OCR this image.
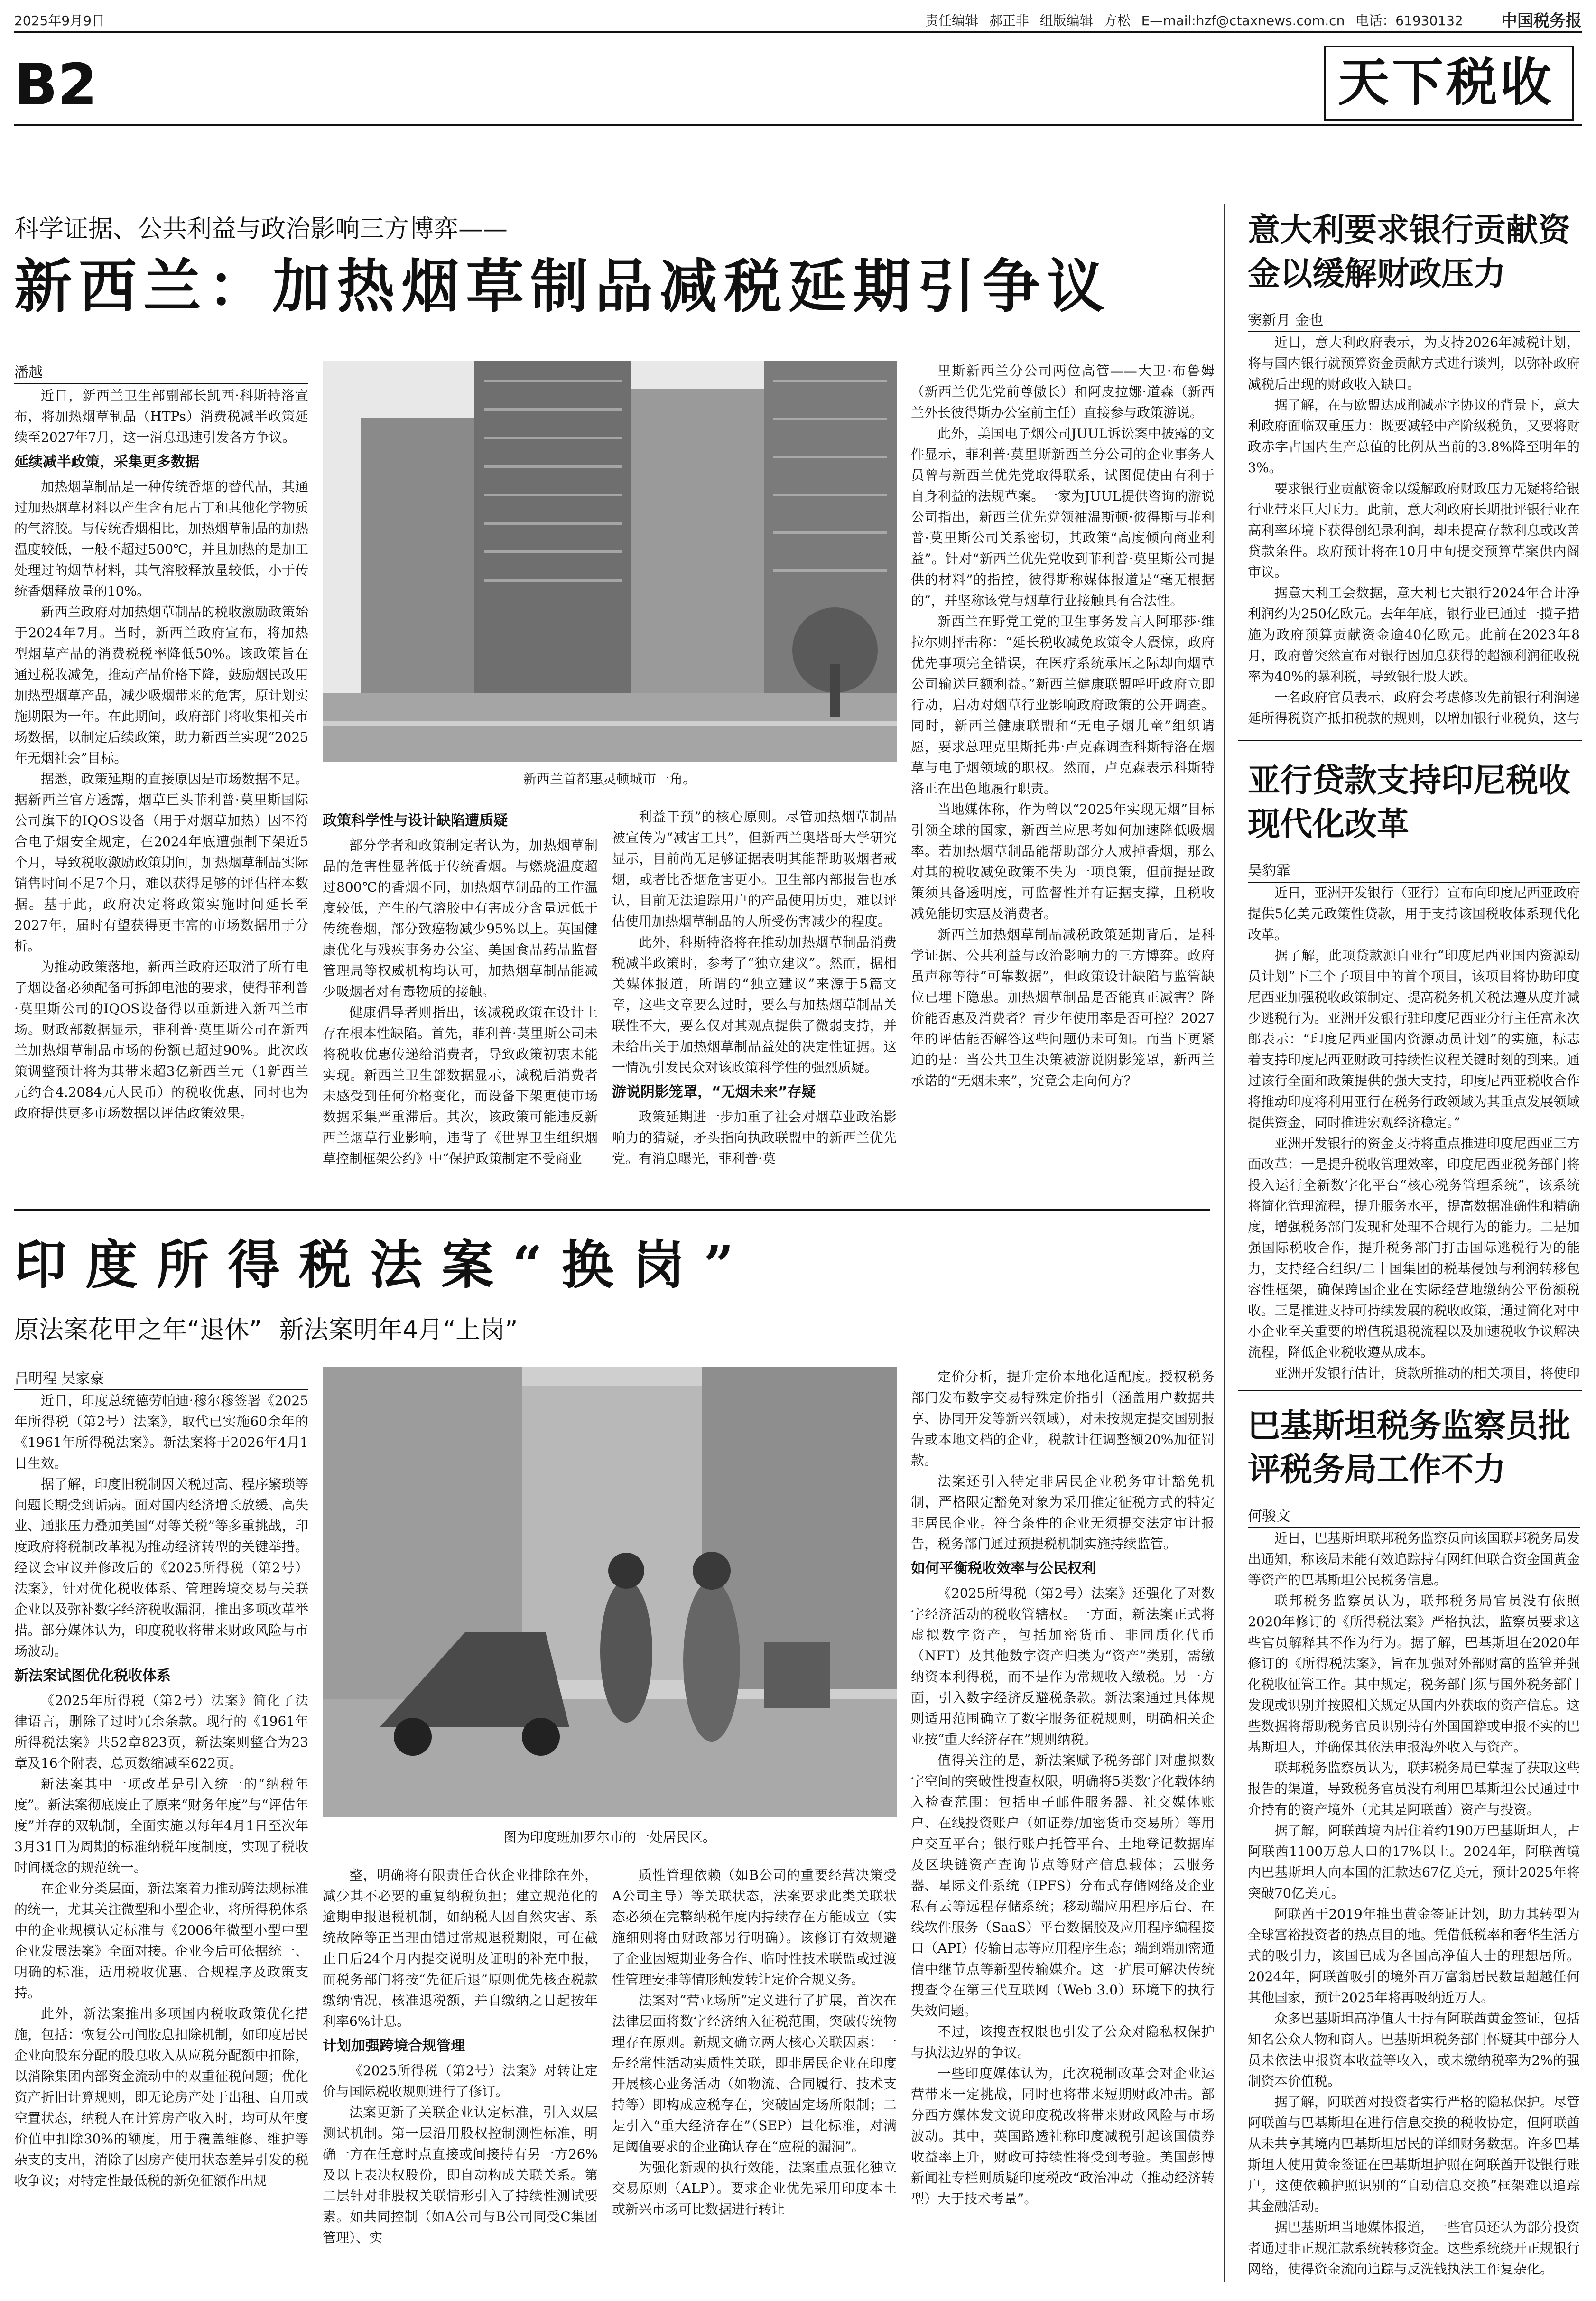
2025年9月9日	责任编辑 郝正非 组版编辑 方松 E—mail:hzf@ctaxnews.com.cn 电话：61930132 中国税务报
B2	天下税收
科学证据、公共利益与政治影响三方博弈——
新西兰：加热烟草制品减税延期引争议
潘越

近日，新西兰卫生部副部长凯西·科斯特洛宣布，将加热烟草制品（HTPs）消费税减半政策延续至2027年7月，这一消息迅速引发各方争议。

延续减半政策，采集更多数据

加热烟草制品是一种传统香烟的替代品，其通过加热烟草材料以产生含有尼古丁和其他化学物质的气溶胶。与传统香烟相比，加热烟草制品的加热温度较低，一般不超过500℃，并且加热的是加工处理过的烟草材料，其气溶胶释放量较低，小于传统香烟释放量的10%。

新西兰政府对加热烟草制品的税收激励政策始于2024年7月。当时，新西兰政府宣布，将加热型烟草产品的消费税税率降低50%。该政策旨在通过税收减免，推动产品价格下降，鼓励烟民改用加热型烟草产品，减少吸烟带来的危害，原计划实施期限为一年。在此期间，政府部门将收集相关市场数据，以制定后续政策，助力新西兰实现“2025年无烟社会”目标。

据悉，政策延期的直接原因是市场数据不足。据新西兰官方透露，烟草巨头菲利普·莫里斯国际公司旗下的IQOS设备（用于对烟草加热）因不符合电子烟安全规定，在2024年底遭强制下架近5个月，导致税收激励政策期间，加热烟草制品实际销售时间不足7个月，难以获得足够的评估样本数据。基于此，政府决定将政策实施时间延长至2027年，届时有望获得更丰富的市场数据用于分析。

为推动政策落地，新西兰政府还取消了所有电子烟设备必须配备可拆卸电池的要求，使得菲利普·莫里斯公司的IQOS设备得以重新进入新西兰市场。财政部数据显示，菲利普·莫里斯公司在新西兰加热烟草制品市场的份额已超过90%。此次政策调整预计将为其带来超3亿新西兰元（1新西兰元约合4.2084元人民币）的税收优惠，同时也为政府提供更多市场数据以评估政策效果。

新西兰首都惠灵顿城市一角。
政策科学性与设计缺陷遭质疑

部分学者和政策制定者认为，加热烟草制品的危害性显著低于传统香烟。与燃烧温度超过800℃的香烟不同，加热烟草制品的工作温度较低，产生的气溶胶中有害成分含量远低于传统卷烟，部分致癌物减少95%以上。英国健康优化与残疾事务办公室、美国食品药品监督管理局等权威机构均认可，加热烟草制品能减少吸烟者对有毒物质的接触。

健康倡导者则指出，该减税政策在设计上存在根本性缺陷。首先，菲利普·莫里斯公司未将税收优惠传递给消费者，导致政策初衷未能实现。新西兰卫生部数据显示，减税后消费者未感受到任何价格变化，而设备下架更使市场数据采集严重滞后。其次，该政策可能违反新西兰烟草行业影响，违背了《世界卫生组织烟草控制框架公约》中“保护政策制定不受商业

利益干预”的核心原则。尽管加热烟草制品被宣传为“减害工具”，但新西兰奥塔哥大学研究显示，目前尚无足够证据表明其能帮助吸烟者戒烟，或者比香烟危害更小。卫生部内部报告也承认，目前无法追踪用户的产品使用历史，难以评估使用加热烟草制品的人所受伤害减少的程度。

此外，科斯特洛将在推动加热烟草制品消费税减半政策时，参考了“独立建议”。然而，据相关媒体报道，所谓的“独立建议”来源于5篇文章，这些文章要么过时，要么与加热烟草制品关联性不大，要么仅对其观点提供了微弱支持，并未给出关于加热烟草制品益处的决定性证据。这一情况引发民众对该政策科学性的强烈质疑。

游说阴影笼罩，“无烟未来”存疑

政策延期进一步加重了社会对烟草业政治影响力的猜疑，矛头指向执政联盟中的新西兰优先党。有消息曝光，菲利普·莫

里斯新西兰分公司两位高管——大卫·布鲁姆（新西兰优先党前尊傲长）和阿皮拉娜·道森（新西兰外长彼得斯办公室前主任）直接参与政策游说。

此外，美国电子烟公司JUUL诉讼案中披露的文件显示，菲利普·莫里斯新西兰分公司的企业事务人员曾与新西兰优先党取得联系，试图促使由有利于自身利益的法规草案。一家为JUUL提供咨询的游说公司指出，新西兰优先党领袖温斯顿·彼得斯与菲利普·莫里斯公司关系密切，其政策“高度倾向商业利益”。针对“新西兰优先党收到菲利普·莫里斯公司提供的材料”的指控，彼得斯称媒体报道是“毫无根据的”，并坚称该党与烟草行业接触具有合法性。

新西兰在野党工党的卫生事务发言人阿耶莎·维拉尔则抨击称：“延长税收减免政策令人震惊，政府优先事项完全错误，在医疗系统承压之际却向烟草公司输送巨额利益。”新西兰健康联盟呼吁政府立即行动，启动对烟草行业影响政府政策的公开调查。同时，新西兰健康联盟和“无电子烟儿童”组织请愿，要求总理克里斯托弗·卢克森调查科斯特洛在烟草与电子烟领域的职权。然而，卢克森表示科斯特洛正在出色地履行职责。

当地媒体称，作为曾以“2025年实现无烟”目标引领全球的国家，新西兰应思考如何加速降低吸烟率。若加热烟草制品能帮助部分人戒掉香烟，那么对其的税收减免政策不失为一项良策，但前提是政策须具备透明度，可监督性并有证据支撑，且税收减免能切实惠及消费者。

新西兰加热烟草制品减税政策延期背后，是科学证据、公共利益与政治影响力的三方博弈。政府虽声称等待“可靠数据”，但政策设计缺陷与监管缺位已埋下隐患。加热烟草制品是否能真正减害？降价能否惠及消费者？青少年使用率是否可控？2027年的评估能否解答这些问题仍未可知。而当下更紧迫的是：当公共卫生决策被游说阴影笼罩，新西兰承诺的“无烟未来”，究竟会走向何方？

印度所得税法案“换岗”
原法案花甲之年“退休” 新法案明年4月“上岗”
吕明程 吴家豪

近日，印度总统德劳帕迪·穆尔穆签署《2025年所得税（第2号）法案》，取代已实施60余年的《1961年所得税法案》。新法案将于2026年4月1日生效。

据了解，印度旧税制因关税过高、程序繁琐等问题长期受到诟病。面对国内经济增长放缓、高失业、通胀压力叠加美国“对等关税”等多重挑战，印度政府将税制改革视为推动经济转型的关键举措。经议会审议并修改后的《2025所得税（第2号）法案》，针对优化税收体系、管理跨境交易与关联企业以及弥补数字经济税收漏洞，推出多项改革举措。部分媒体认为，印度税收将带来财政风险与市场波动。

新法案试图优化税收体系

《2025年所得税（第2号）法案》简化了法律语言，删除了过时冗余条款。现行的《1961年所得税法案》共52章823页，新法案则整合为23章及16个附表，总页数缩减至622页。

新法案其中一项改革是引入统一的“纳税年度”。新法案彻底废止了原来“财务年度”与“评估年度”并存的双轨制，全面实施以每年4月1日至次年3月31日为周期的标准纳税年度制度，实现了税收时间概念的规范统一。

在企业分类层面，新法案着力推动跨法规标准的统一，尤其关注微型和小型企业，将所得税体系中的企业规模认定标准与《2006年微型小型中型企业发展法案》全面对接。企业今后可依据统一、明确的标准，适用税收优惠、合规程序及政策支持。

此外，新法案推出多项国内税收政策优化措施，包括：恢复公司间股息扣除机制，如印度居民企业向股东分配的股息收入从应税分配额中扣除，以消除集团内部资金流动中的双重征税问题；优化资产折旧计算规则，即无论房产处于出租、自用或空置状态，纳税人在计算房产收入时，均可从年度价值中扣除30%的额度，用于覆盖维修、维护等杂支的支出，消除了因房产使用状态差异引发的税收争议；对特定性最低税的新免征额作出规

图为印度班加罗尔市的一处居民区。

整，明确将有限责任合伙企业排除在外，减少其不必要的重复纳税负担；建立规范化的逾期申报退税机制，如纳税人因自然灾害、系统故障等正当理由错过常规退税期限，可在截止日后24个月内提交说明及证明的补充申报，而税务部门将按“先征后退”原则优先核查税款缴纳情况，核准退税额，并自缴纳之日起按年利率6%计息。

计划加强跨境合规管理

《2025所得税（第2号）法案》对转让定价与国际税收规则进行了修订。

法案更新了关联企业认定标准，引入双层测试机制。第一层沿用股权控制测性标准，明确一方在任意时点直接或间接持有另一方26%及以上表决权股份，即自动构成关联关系。第二层针对非股权关联情形引入了持续性测试要素。如共同控制（如A公司与B公司同受C集团管理）、实

质性管理依赖（如B公司的重要经营决策受A公司主导）等关联状态，法案要求此类关联状态必须在完整纳税年度内持续存在方能成立（实施细则将由财政部另行明确）。该修订有效规避了企业因短期业务合作、临时性技术联盟或过渡性管理安排等情形触发转让定价合规义务。

法案对“营业场所”定义进行了扩展，首次在法律层面将数字经济纳入征税范围，突破传统物理存在原则。新规文确立两大核心关联因素：一是经常性活动实质性关联，即非居民企业在印度开展核心业务活动（如物流、合同履行、技术支持等）即构成应税存在，突破固定场所限制；二是引入“重大经济存在”（SEP）量化标准，对满足阈值要求的企业确认存在“应税的漏洞”。

为强化新规的执行效能，法案重点强化独立交易原则（ALP）。要求企业优先采用印度本土或新兴市场可比数据进行转让

定价分析，提升定价本地化适配度。授权税务部门发布数字交易特殊定价指引（涵盖用户数据共享、协同开发等新兴领域），对未按规定提交国别报告或本地文档的企业，税款计征调整额20%加征罚款。

法案还引入特定非居民企业税务审计豁免机制，严格限定豁免对象为采用推定征税方式的特定非居民企业。符合条件的企业无须提交法定审计报告，税务部门通过预提税机制实施持续监管。

如何平衡税收效率与公民权利

《2025所得税（第2号）法案》还强化了对数字经济活动的税收管辖权。一方面，新法案正式将虚拟数字资产，包括加密货币、非同质化代币（NFT）及其他数字资产归类为“资产”类别，需缴纳资本利得税，而不是作为常规收入缴税。另一方面，引入数字经济反避税条款。新法案通过具体规则适用范围确立了数字服务征税规则，明确相关企业按“重大经济存在”规则纳税。

值得关注的是，新法案赋予税务部门对虚拟数字空间的突破性搜查权限，明确将5类数字化载体纳入检查范围：包括电子邮件服务器、社交媒体账户、在线投资账户（如证券/加密货币交易所）等用户交互平台；银行账户托管平台、土地登记数据库及区块链资产查询节点等财产信息载体；云服务器、星际文件系统（IPFS）分布式存储网络及企业私有云等远程存储系统；移动端应用程序后台、在线软件服务（SaaS）平台数据胶及应用程序编程接口（API）传输日志等应用程序生态；端到端加密通信中继节点等新型传输媒介。这一扩展可解决传统搜查令在第三代互联网（Web 3.0）环境下的执行失效问题。

不过，该搜查权限也引发了公众对隐私权保护与执法边界的争议。

一些印度媒体认为，此次税制改革会对企业运营带来一定挑战，同时也将带来短期财政冲击。部分西方媒体发文说印度税改将带来财政风险与市场波动。其中，英国路透社称印度减税引起该国债券收益率上升，财政可持续性将受到考验。美国彭博新闻社专栏则质疑印度税改“政治冲动（推动经济转型）大于技术考量”。

意大利要求银行贡献资金以缓解财政压力
窦新月 金也

近日，意大利政府表示，为支持2026年减税计划，将与国内银行就预算资金贡献方式进行谈判，以弥补政府减税后出现的财政收入缺口。

据了解，在与欧盟达成削减赤字协议的背景下，意大利政府面临双重压力：既要减轻中产阶级税负，又要将财政赤字占国内生产总值的比例从当前的3.8%降至明年的3%。

要求银行业贡献资金以缓解政府财政压力无疑将给银行业带来巨大压力。此前，意大利政府长期批评银行业在高利率环境下获得创纪录利润，却未提高存款利息或改善贷款条件。政府预计将在10月中旬提交预算草案供内阁审议。

据意大利工会数据，意大利七大银行2024年合计净利润约为250亿欧元。去年年底，银行业已通过一揽子措施为政府预算贡献资金逾40亿欧元。此前在2023年8月，政府曾突然宣布对银行因加息获得的超额利润征收税率为40%的暴利税，导致银行股大跌。

一名政府官员表示，政府会考虑修改先前银行利润递延所得税资产抵扣税款的规则，以增加银行业税负，这与

亚行贷款支持印尼税收现代化改革
吴豹霏

近日，亚洲开发银行（亚行）宣布向印度尼西亚政府提供5亿美元政策性贷款，用于支持该国税收体系现代化改革。

据了解，此项贷款源自亚行“印度尼西亚国内资源动员计划”下三个子项目中的首个项目，该项目将协助印度尼西亚加强税收政策制定、提高税务机关税法遵从度并减少逃税行为。亚洲开发银行驻印度尼西亚分行主任富永次郎表示：“印度尼西亚国内资源动员计划”的实施，标志着支持印度尼西亚财政可持续性议程关键时刻的到来。通过该行全面和政策提供的强大支持，印度尼西亚税收合作将推动印度将利用亚行在税务行政领域为其重点发展领域提供资金，同时推进宏观经济稳定。”

亚洲开发银行的资金支持将重点推进印度尼西亚三方面改革：一是提升税收管理效率，印度尼西亚税务部门将投入运行全新数字化平台“核心税务管理系统”，该系统将简化管理流程，提升服务水平，提高数据准确性和精确度，增强税务部门发现和处理不合规行为的能力。二是加强国际税收合作，提升税务部门打击国际逃税行为的能力，支持经合组织/二十国集团的税基侵蚀与利润转移包容性框架，确保跨国企业在实际经营地缴纳公平份额税收。三是推进支持可持续发展的税收政策，通过简化对中小企业至关重要的增值税退税流程以及加速税收争议解决流程，降低企业税收遵从成本。

亚洲开发银行估计，贷款所推动的相关项目，将使印

巴基斯坦税务监察员批评税务局工作不力
何骏文

近日，巴基斯坦联邦税务监察员向该国联邦税务局发出通知，称该局未能有效追踪持有网红但联合资金国黄金等资产的巴基斯坦公民税务信息。

联邦税务监察员认为，联邦税务局官员没有依照2020年修订的《所得税法案》严格执法，监察员要求这些官员解释其不作为行为。据了解，巴基斯坦在2020年修订的《所得税法案》，旨在加强对外部财富的监管并强化税收征管工作。其中规定，税务部门须与国外税务部门发现或识别并按照相关规定从国内外获取的资产信息。这些数据将帮助税务官员识别持有外国国籍或申报不实的巴基斯坦人，并确保其依法申报海外收入与资产。

联邦税务监察员认为，联邦税务局已掌握了获取这些报告的渠道，导致税务官员没有利用巴基斯坦公民通过中介持有的资产境外（尤其是阿联酋）资产与投资。

据了解，阿联酋境内居住着约190万巴基斯坦人，占阿联酋1100万总人口的17%以上。2024年，阿联酋境内巴基斯坦人向本国的汇款达67亿美元，预计2025年将突破70亿美元。

阿联酋于2019年推出黄金签证计划，助力其转型为全球富裕投资者的热点目的地。凭借低税率和奢华生活方式的吸引力，该国已成为各国高净值人士的理想居所。2024年，阿联酋吸引的境外百万富翁居民数量超越任何其他国家，预计2025年将再吸纳近万人。

众多巴基斯坦高净值人士持有阿联酋黄金签证，包括知名公众人物和商人。巴基斯坦税务部门怀疑其中部分人员未依法申报资本收益等收入，或未缴纳税率为2%的强制资本价值税。

据了解，阿联酋对投资者实行严格的隐私保护。尽管阿联酋与巴基斯坦在进行信息交换的税收协定，但阿联酋从未共享其境内巴基斯坦居民的详细财务数据。许多巴基斯坦人使用黄金签证在巴基斯坦护照在阿联酋开设银行账户，这使依赖护照识别的“自动信息交换”框架难以追踪其金融活动。

据巴基斯坦当地媒体报道，一些官员还认为部分投资者通过非正规汇款系统转移资金。这些系统绕开正规银行网络，使得资金流向追踪与反洗钱执法工作复杂化。
